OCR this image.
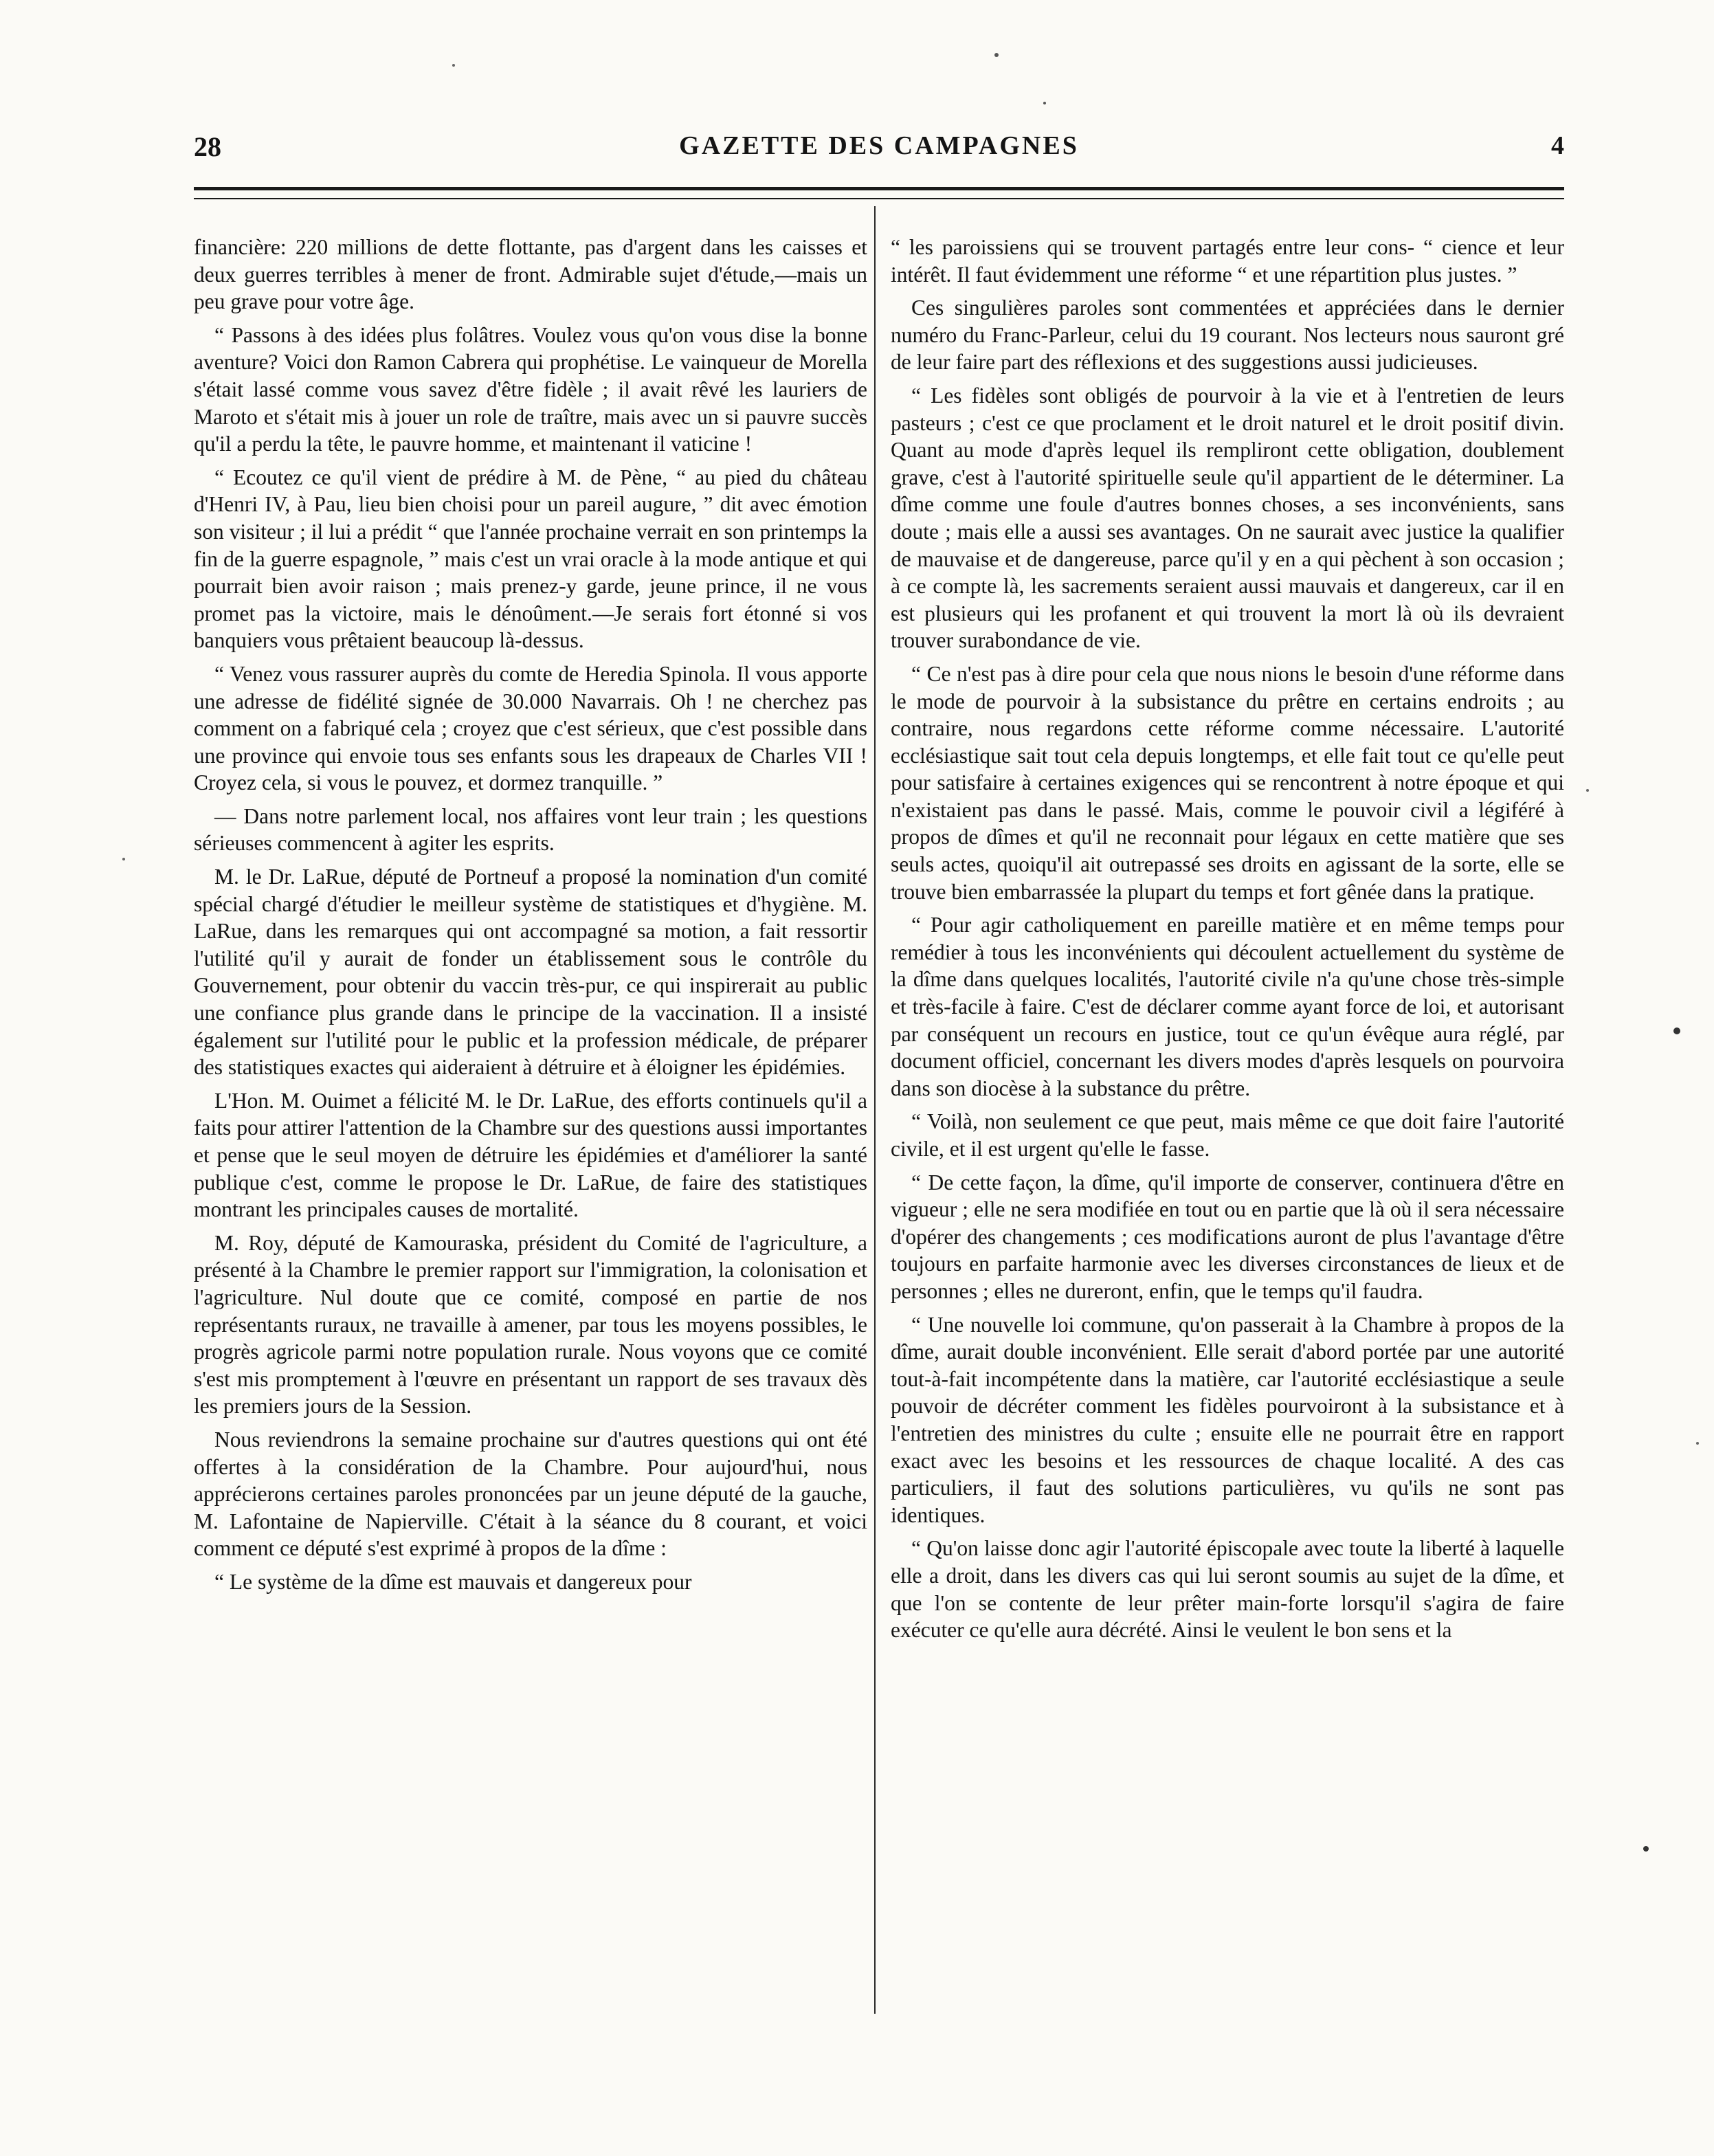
28	GAZETTE DES CAMPAGNES	4

financière: 220 millions de dette flottante, pas d'argent dans les caisses et deux guerres terribles à mener de front. Admirable sujet d'étude,—mais un peu grave pour votre âge.

“ Passons à des idées plus folâtres. Voulez vous qu'on vous dise la bonne aventure? Voici don Ramon Cabrera qui prophétise. Le vainqueur de Morella s'était lassé comme vous savez d'être fidèle ; il avait rêvé les lauriers de Maroto et s'était mis à jouer un role de traître, mais avec un si pauvre succès qu'il a perdu la tête, le pauvre homme, et maintenant il vaticine !

“ Ecoutez ce qu'il vient de prédire à M. de Pène, “ au pied du château d'Henri IV, à Pau, lieu bien choisi pour un pareil augure, ” dit avec émotion son visiteur ; il lui a prédit “ que l'année prochaine verrait en son printemps la fin de la guerre espagnole, ” mais c'est un vrai oracle à la mode antique et qui pourrait bien avoir raison ; mais prenez-y garde, jeune prince, il ne vous promet pas la victoire, mais le dénoûment.—Je serais fort étonné si vos banquiers vous prêtaient beaucoup là-dessus.

“ Venez vous rassurer auprès du comte de Heredia Spinola. Il vous apporte une adresse de fidélité signée de 30.000 Navarrais. Oh ! ne cherchez pas comment on a fabriqué cela ; croyez que c'est sérieux, que c'est possible dans une province qui envoie tous ses enfants sous les drapeaux de Charles VII ! Croyez cela, si vous le pouvez, et dormez tranquille. ”

— Dans notre parlement local, nos affaires vont leur train ; les questions sérieuses commencent à agiter les esprits.

M. le Dr. LaRue, député de Portneuf a proposé la nomination d'un comité spécial chargé d'étudier le meilleur système de statistiques et d'hygiène. M. LaRue, dans les remarques qui ont accompagné sa motion, a fait ressortir l'utilité qu'il y aurait de fonder un établissement sous le contrôle du Gouvernement, pour obtenir du vaccin très-pur, ce qui inspirerait au public une confiance plus grande dans le principe de la vaccination. Il a insisté également sur l'utilité pour le public et la profession médicale, de préparer des statistiques exactes qui aideraient à détruire et à éloigner les épidémies.

L'Hon. M. Ouimet a félicité M. le Dr. LaRue, des efforts continuels qu'il a faits pour attirer l'attention de la Chambre sur des questions aussi importantes et pense que le seul moyen de détruire les épidémies et d'améliorer la santé publique c'est, comme le propose le Dr. LaRue, de faire des statistiques montrant les principales causes de mortalité.

M. Roy, député de Kamouraska, président du Comité de l'agriculture, a présenté à la Chambre le premier rapport sur l'immigration, la colonisation et l'agriculture. Nul doute que ce comité, composé en partie de nos représentants ruraux, ne travaille à amener, par tous les moyens possibles, le progrès agricole parmi notre population rurale. Nous voyons que ce comité s'est mis promptement à l'œuvre en présentant un rapport de ses travaux dès les premiers jours de la Session.

Nous reviendrons la semaine prochaine sur d'autres questions qui ont été offertes à la considération de la Chambre. Pour aujourd'hui, nous apprécierons certaines paroles prononcées par un jeune député de la gauche, M. Lafontaine de Napierville. C'était à la séance du 8 courant, et voici comment ce député s'est exprimé à propos de la dîme :

“ Le système de la dîme est mauvais et dangereux pour

“ les paroissiens qui se trouvent partagés entre leur cons- “ cience et leur intérêt. Il faut évidemment une réforme “ et une répartition plus justes. ”

Ces singulières paroles sont commentées et appréciées dans le dernier numéro du Franc-Parleur, celui du 19 courant. Nos lecteurs nous sauront gré de leur faire part des réflexions et des suggestions aussi judicieuses.

“ Les fidèles sont obligés de pourvoir à la vie et à l'entretien de leurs pasteurs ; c'est ce que proclament et le droit naturel et le droit positif divin. Quant au mode d'après lequel ils rempliront cette obligation, doublement grave, c'est à l'autorité spirituelle seule qu'il appartient de le déterminer. La dîme comme une foule d'autres bonnes choses, a ses inconvénients, sans doute ; mais elle a aussi ses avantages. On ne saurait avec justice la qualifier de mauvaise et de dangereuse, parce qu'il y en a qui pèchent à son occasion ; à ce compte là, les sacrements seraient aussi mauvais et dangereux, car il en est plusieurs qui les profanent et qui trouvent la mort là où ils devraient trouver surabondance de vie.

“ Ce n'est pas à dire pour cela que nous nions le besoin d'une réforme dans le mode de pourvoir à la subsistance du prêtre en certains endroits ; au contraire, nous regardons cette réforme comme nécessaire. L'autorité ecclésiastique sait tout cela depuis longtemps, et elle fait tout ce qu'elle peut pour satisfaire à certaines exigences qui se rencontrent à notre époque et qui n'existaient pas dans le passé. Mais, comme le pouvoir civil a légiféré à propos de dîmes et qu'il ne reconnait pour légaux en cette matière que ses seuls actes, quoiqu'il ait outrepassé ses droits en agissant de la sorte, elle se trouve bien embarrassée la plupart du temps et fort gênée dans la pratique.

“ Pour agir catholiquement en pareille matière et en même temps pour remédier à tous les inconvénients qui découlent actuellement du système de la dîme dans quelques localités, l'autorité civile n'a qu'une chose très-simple et très-facile à faire. C'est de déclarer comme ayant force de loi, et autorisant par conséquent un recours en justice, tout ce qu'un évêque aura réglé, par document officiel, concernant les divers modes d'après lesquels on pourvoira dans son diocèse à la substance du prêtre.

“ Voilà, non seulement ce que peut, mais même ce que doit faire l'autorité civile, et il est urgent qu'elle le fasse.

“ De cette façon, la dîme, qu'il importe de conserver, continuera d'être en vigueur ; elle ne sera modifiée en tout ou en partie que là où il sera nécessaire d'opérer des changements ; ces modifications auront de plus l'avantage d'être toujours en parfaite harmonie avec les diverses circonstances de lieux et de personnes ; elles ne dureront, enfin, que le temps qu'il faudra.

“ Une nouvelle loi commune, qu'on passerait à la Chambre à propos de la dîme, aurait double inconvénient. Elle serait d'abord portée par une autorité tout-à-fait incompétente dans la matière, car l'autorité ecclésiastique a seule pouvoir de décréter comment les fidèles pourvoiront à la subsistance et à l'entretien des ministres du culte ; ensuite elle ne pourrait être en rapport exact avec les besoins et les ressources de chaque localité. A des cas particuliers, il faut des solutions particulières, vu qu'ils ne sont pas identiques.

“ Qu'on laisse donc agir l'autorité épiscopale avec toute la liberté à laquelle elle a droit, dans les divers cas qui lui seront soumis au sujet de la dîme, et que l'on se contente de leur prêter main-forte lorsqu'il s'agira de faire exécuter ce qu'elle aura décrété. Ainsi le veulent le bon sens et la
